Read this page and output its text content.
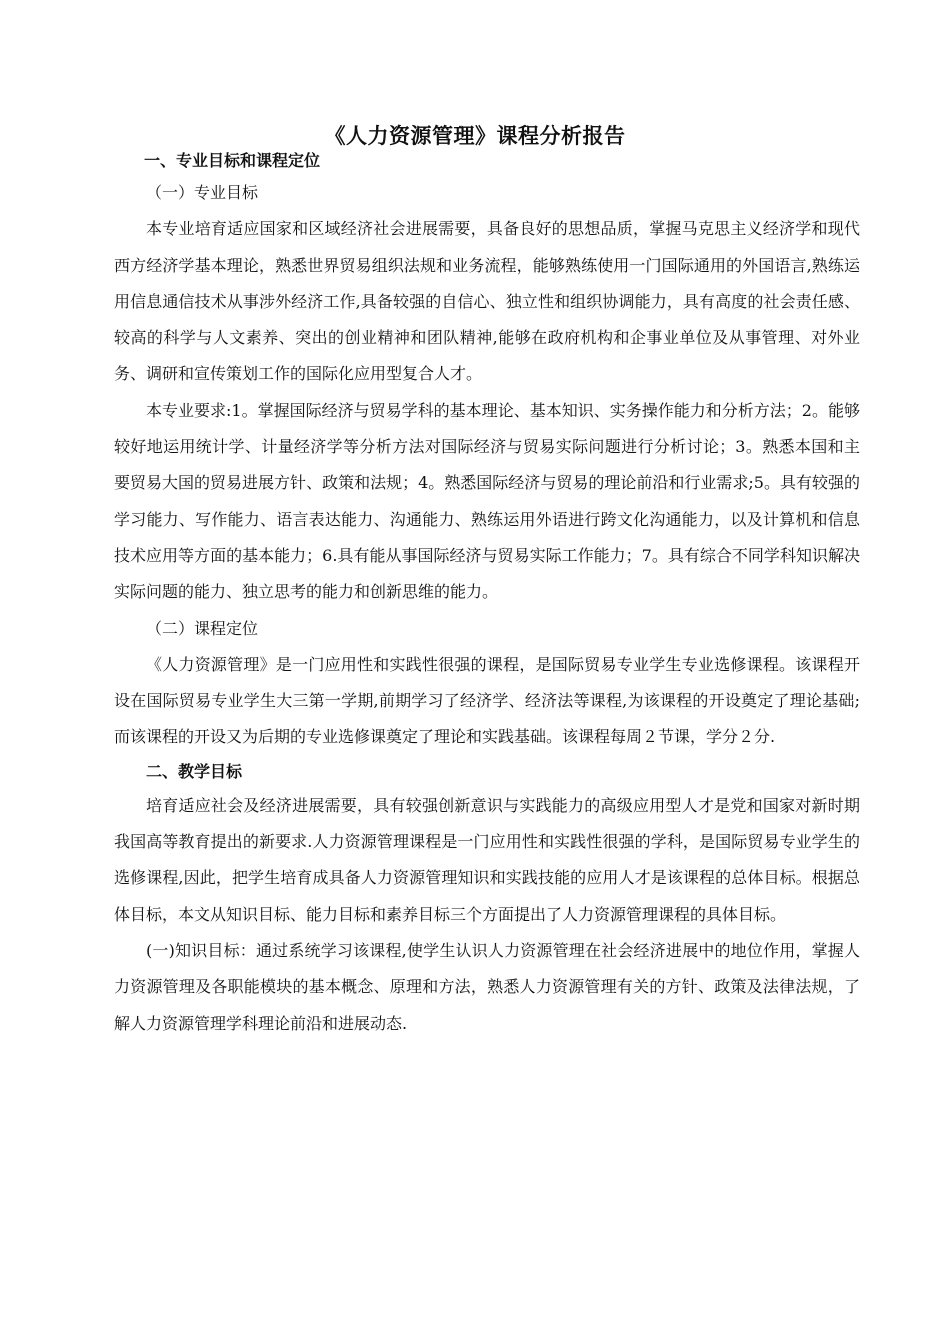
《人力资源管理》课程分析报告
一、专业目标和课程定位
（一）专业目标

本专业培育适应国家和区域经济社会进展需要，具备良好的思想品质，掌握马克思主义经济学和现代西方经济学基本理论，熟悉世界贸易组织法规和业务流程，能够熟练使用一门国际通用的外国语言,熟练运用信息通信技术从事涉外经济工作,具备较强的自信心、独立性和组织协调能力，具有高度的社会责任感、较高的科学与人文素养、突出的创业精神和团队精神,能够在政府机构和企事业单位及从事管理、对外业务、调研和宣传策划工作的国际化应用型复合人才。

本专业要求:1。掌握国际经济与贸易学科的基本理论、基本知识、实务操作能力和分析方法；2。能够较好地运用统计学、计量经济学等分析方法对国际经济与贸易实际问题进行分析讨论；3。熟悉本国和主要贸易大国的贸易进展方针、政策和法规；4。熟悉国际经济与贸易的理论前沿和行业需求;5。具有较强的学习能力、写作能力、语言表达能力、沟通能力、熟练运用外语进行跨文化沟通能力，以及计算机和信息技术应用等方面的基本能力；6.具有能从事国际经济与贸易实际工作能力；7。具有综合不同学科知识解决实际问题的能力、独立思考的能力和创新思维的能力。

（二）课程定位

《人力资源管理》是一门应用性和实践性很强的课程，是国际贸易专业学生专业选修课程。该课程开设在国际贸易专业学生大三第一学期,前期学习了经济学、经济法等课程,为该课程的开设奠定了理论基础;而该课程的开设又为后期的专业选修课奠定了理论和实践基础。该课程每周２节课，学分２分.

二、教学目标

培育适应社会及经济进展需要，具有较强创新意识与实践能力的高级应用型人才是党和国家对新时期我国高等教育提出的新要求.人力资源管理课程是一门应用性和实践性很强的学科，是国际贸易专业学生的选修课程,因此，把学生培育成具备人力资源管理知识和实践技能的应用人才是该课程的总体目标。根据总体目标，本文从知识目标、能力目标和素养目标三个方面提出了人力资源管理课程的具体目标。

(一)知识目标：通过系统学习该课程,使学生认识人力资源管理在社会经济进展中的地位作用，掌握人力资源管理及各职能模块的基本概念、原理和方法，熟悉人力资源管理有关的方针、政策及法律法规，了解人力资源管理学科理论前沿和进展动态.
